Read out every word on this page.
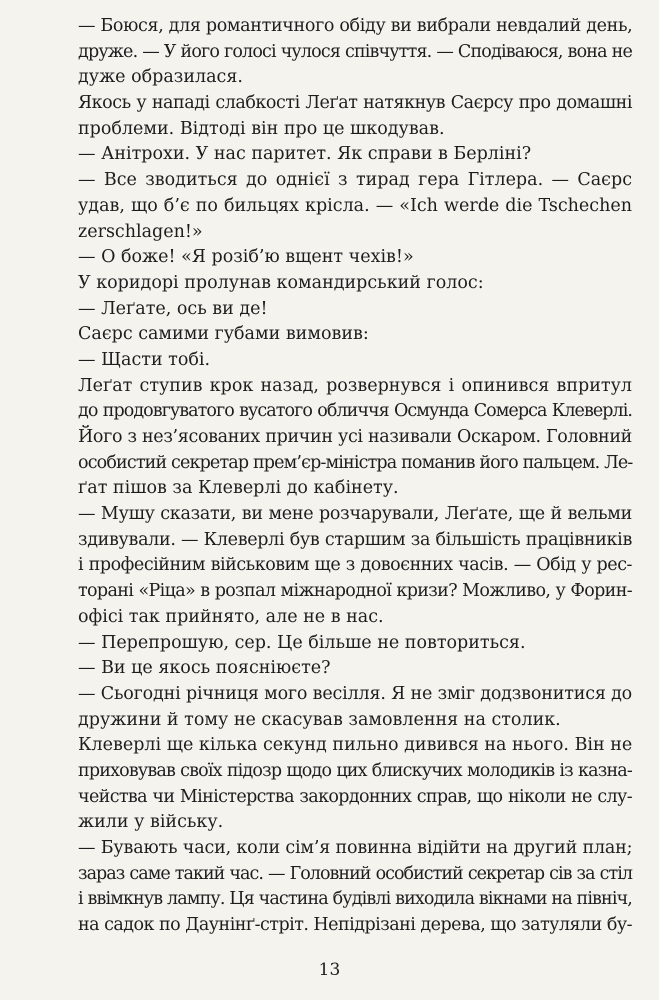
— Боюся, для романтичного обіду ви вибрали невдалий день,
друже. — У його голосі чулося співчуття. — Сподіваюся, вона не
дуже образилася.
Якось у нападі слабкості Леґат натякнув Саєрсу про домашні
проблеми. Відтоді він про це шкодував.
— Анітрохи. У нас паритет. Як справи в Берліні?
— Все зводиться до однієї з тирад гера Гітлера. — Саєрс
удав, що б’є по бильцях крісла. — «Ich werde die Tschechen
zerschlagen!»
— О боже! «Я розіб’ю вщент чехів!»
У коридорі пролунав командирський голос:
— Леґате, ось ви де!
Саєрс самими губами вимовив:
— Щасти тобі.
Леґат ступив крок назад, розвернувся і опинився впритул
до продовгуватого вусатого обличчя Осмунда Сомерса Клеверлі.
Його з нез’ясованих причин усі називали Оскаром. Головний
особистий секретар прем’єр-міністра поманив його пальцем. Ле-
ґат пішов за Клеверлі до кабінету.
— Мушу сказати, ви мене розчарували, Леґате, ще й вельми
здивували. — Клеверлі був старшим за більшість працівників
і професійним військовим ще з довоєнних часів. — Обід у рес-
торані «Ріца» в розпал міжнародної кризи? Можливо, у Форин-
офісі так прийнято, але не в нас.
— Перепрошую, сер. Це більше не повториться.
— Ви це якось поясніюєте?
— Сьогодні річниця мого весілля. Я не зміг додзвонитися до
дружини й тому не скасував замовлення на столик.
Клеверлі ще кілька секунд пильно дивився на нього. Він не
приховував своїх підозр щодо цих блискучих молодиків із казна-
чейства чи Міністерства закордонних справ, що ніколи не слу-
жили у війську.
— Бувають часи, коли сім’я повинна відійти на другий план;
зараз саме такий час. — Головний особистий секретар сів за стіл
і ввімкнув лампу. Ця частина будівлі виходила вікнами на північ,
на садок по Даунінґ-стріт. Непідрізані дерева, що затуляли бу-
13
